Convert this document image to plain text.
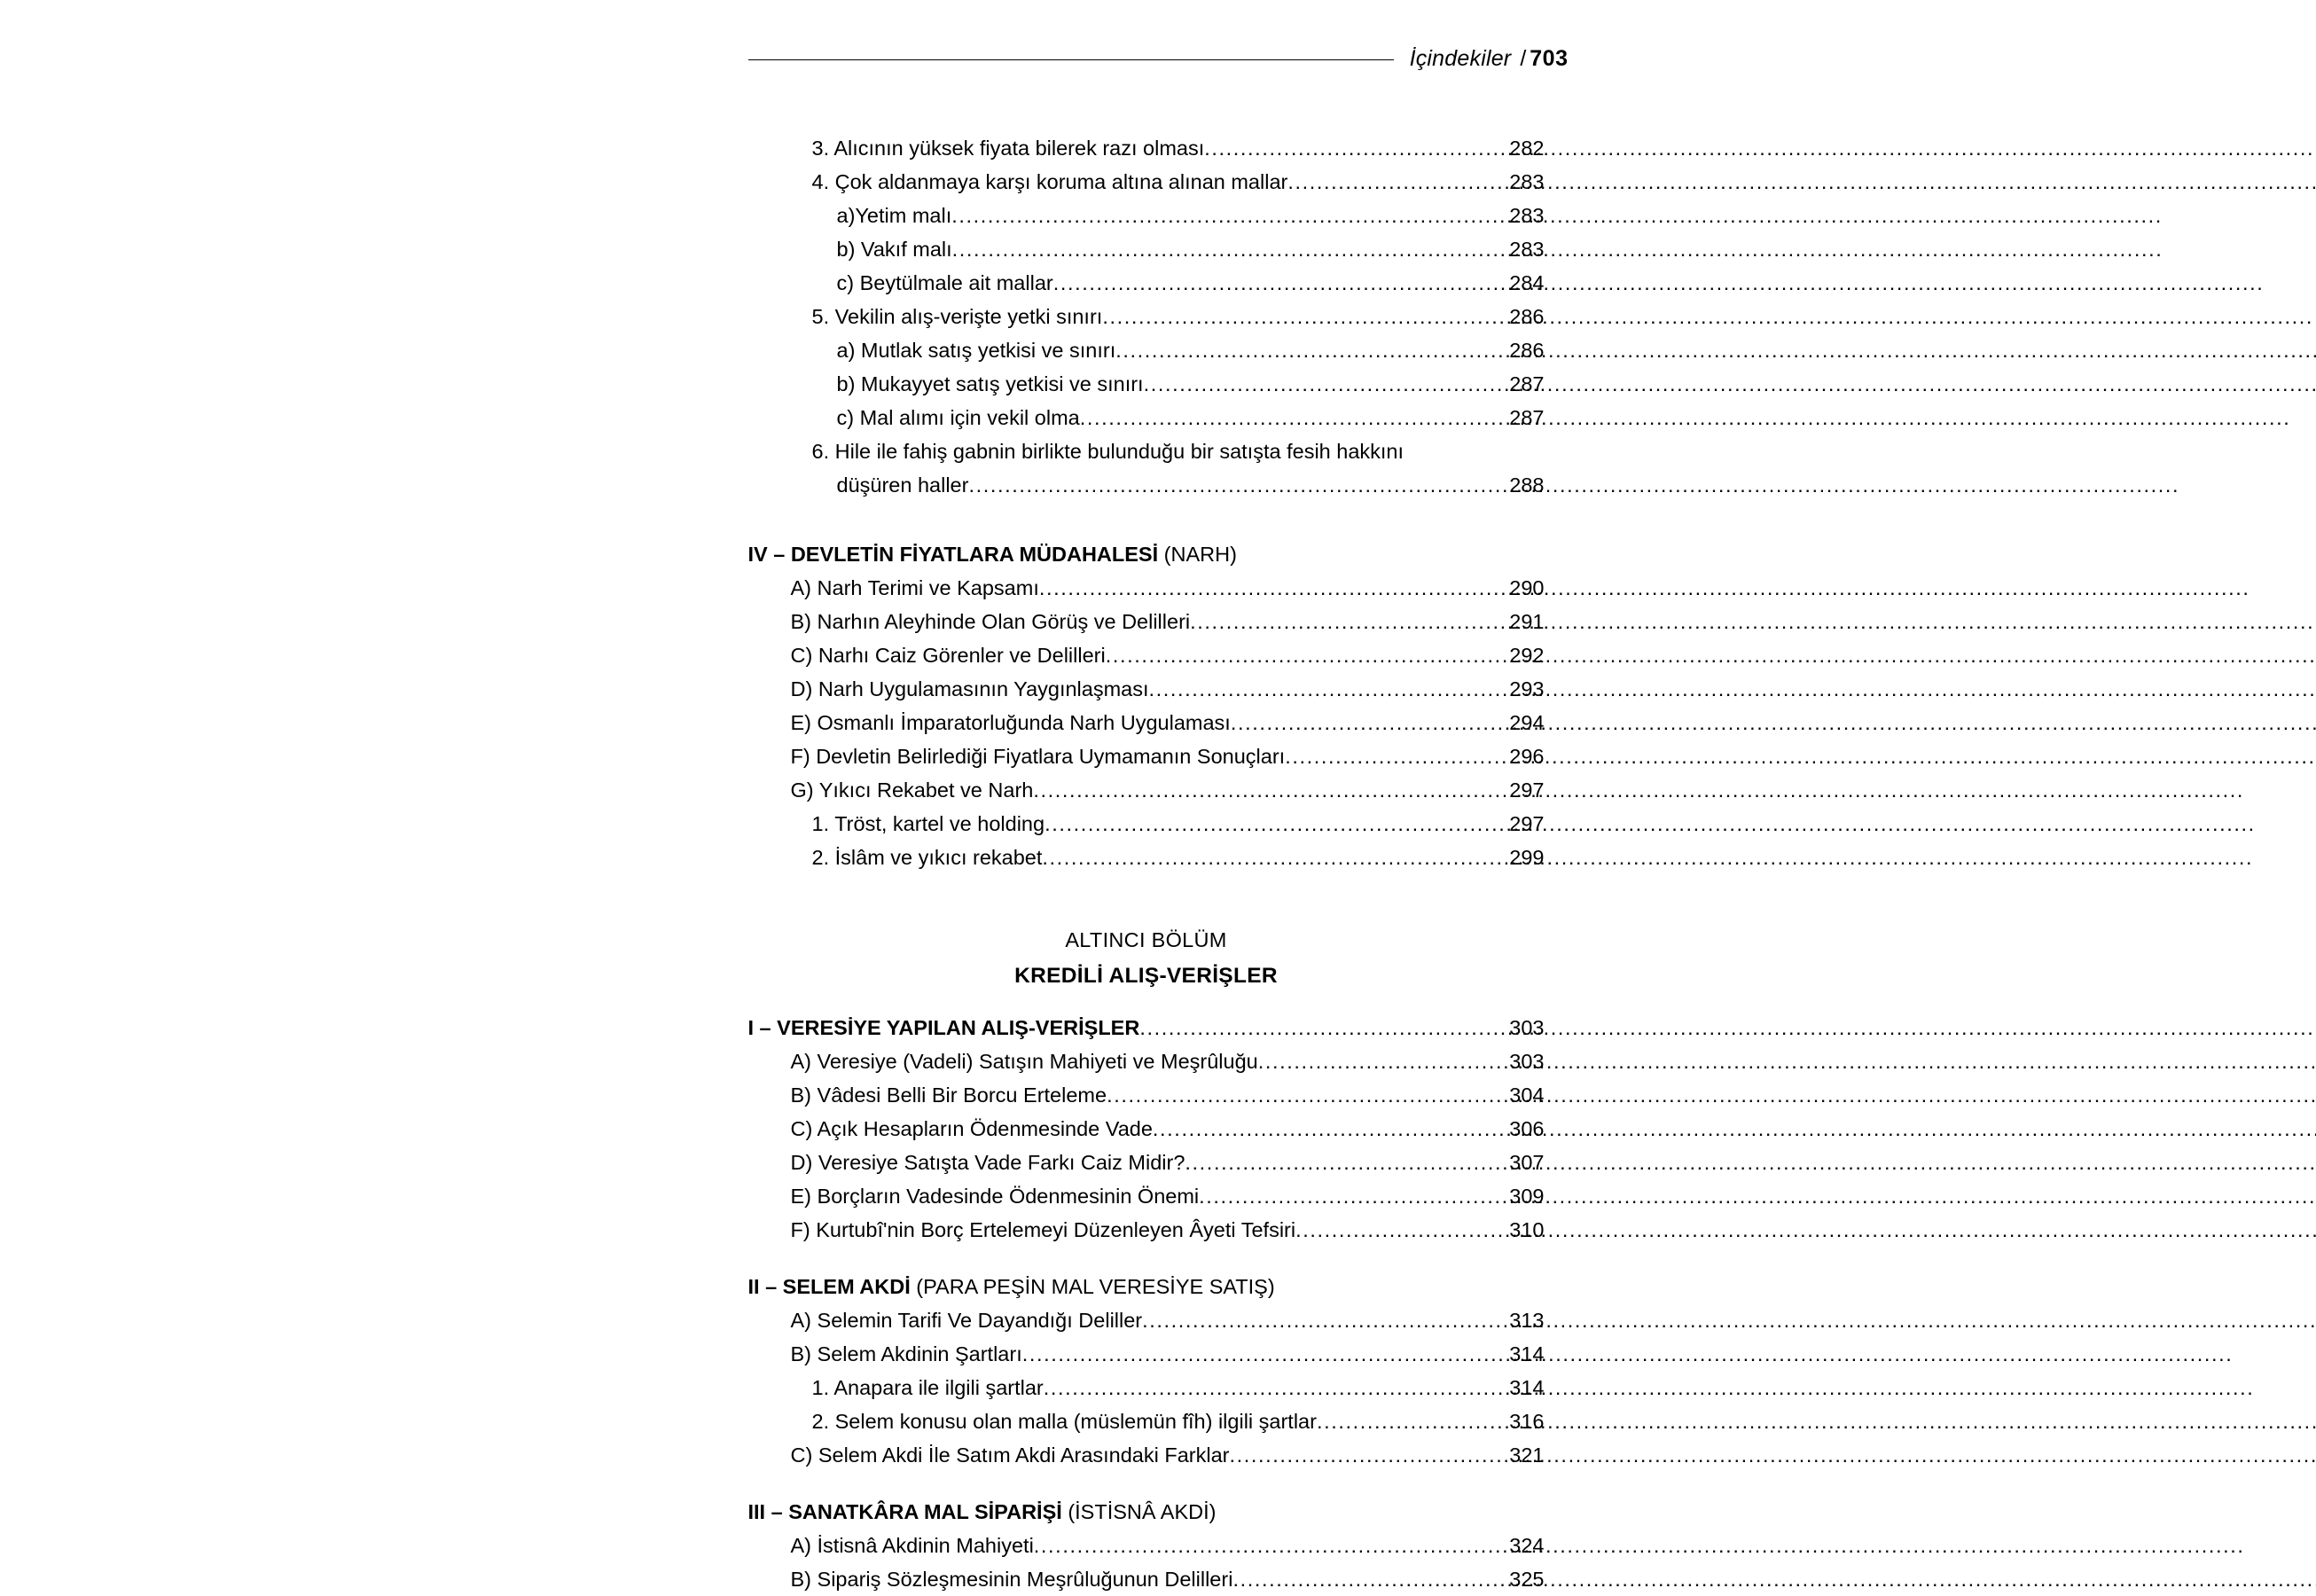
İçindekiler / 703
3. Alıcının yüksek fiyata bilerek razı olması .....	282
4. Çok aldanmaya karşı koruma altına alınan mallar .....	283
a)Yetim malı .....	283
b) Vakıf malı .....	283
c) Beytülmale ait mallar .....	284
5. Vekilin alış-verişte yetki sınırı .....	286
a) Mutlak satış yetkisi ve sınırı .....	286
b) Mukayyet satış yetkisi ve sınırı .....	287
c) Mal alımı için vekil olma .....	287
6. Hile ile fahiş gabnin birlikte bulunduğu bir satışta fesih hakkını
düşüren haller .....	288
IV – DEVLETİN FİYATLARA MÜDAHALESİ
(NARH)
A) Narh Terimi ve Kapsamı .....	290
B) Narhın Aleyhinde Olan Görüş ve Delilleri .....	291
C) Narhı Caiz Görenler ve Delilleri .....	292
D) Narh Uygulamasının Yaygınlaşması .....	293
E) Osmanlı İmparatorluğunda Narh Uygulaması .....	294
F) Devletin Belirlediği Fiyatlara Uymamanın Sonuçları .....	296
G) Yıkıcı Rekabet ve Narh .....	297
1. Tröst, kartel ve holding .....	297
2. İslâm ve yıkıcı rekabet .....	299
ALTINCI BÖLÜM
KREDİLİ ALIŞ-VERİŞLER
I – VERESİYE YAPILAN ALIŞ-VERİŞLER .....	303
A) Veresiye (Vadeli) Satışın Mahiyeti ve Meşrûluğu .....	303
B) Vâdesi Belli Bir Borcu Erteleme .....	304
C) Açık Hesapların Ödenmesinde Vade .....	306
D) Veresiye Satışta Vade Farkı Caiz Midir? .....	307
E) Borçların Vadesinde Ödenmesinin Önemi .....	309
F) Kurtubî'nin Borç Ertelemeyi Düzenleyen Âyeti Tefsiri .....	310
II – SELEM AKDİ
(PARA PEŞİN MAL VERESİYE SATIŞ)
A) Selemin Tarifi Ve Dayandığı Deliller .....	313
B) Selem Akdinin Şartları .....	314
1. Anapara ile ilgili şartlar .....	314
2. Selem konusu olan malla (müslemün fîh) ilgili şartlar .....	316
C) Selem Akdi İle Satım Akdi Arasındaki Farklar .....	321
III – SANATKÂRA MAL SİPARİŞİ
(İSTİSNÂ AKDİ)
A) İstisnâ Akdinin Mahiyeti .....	324
B) Sipariş Sözleşmesinin Meşrûluğunun Delilleri .....	325
